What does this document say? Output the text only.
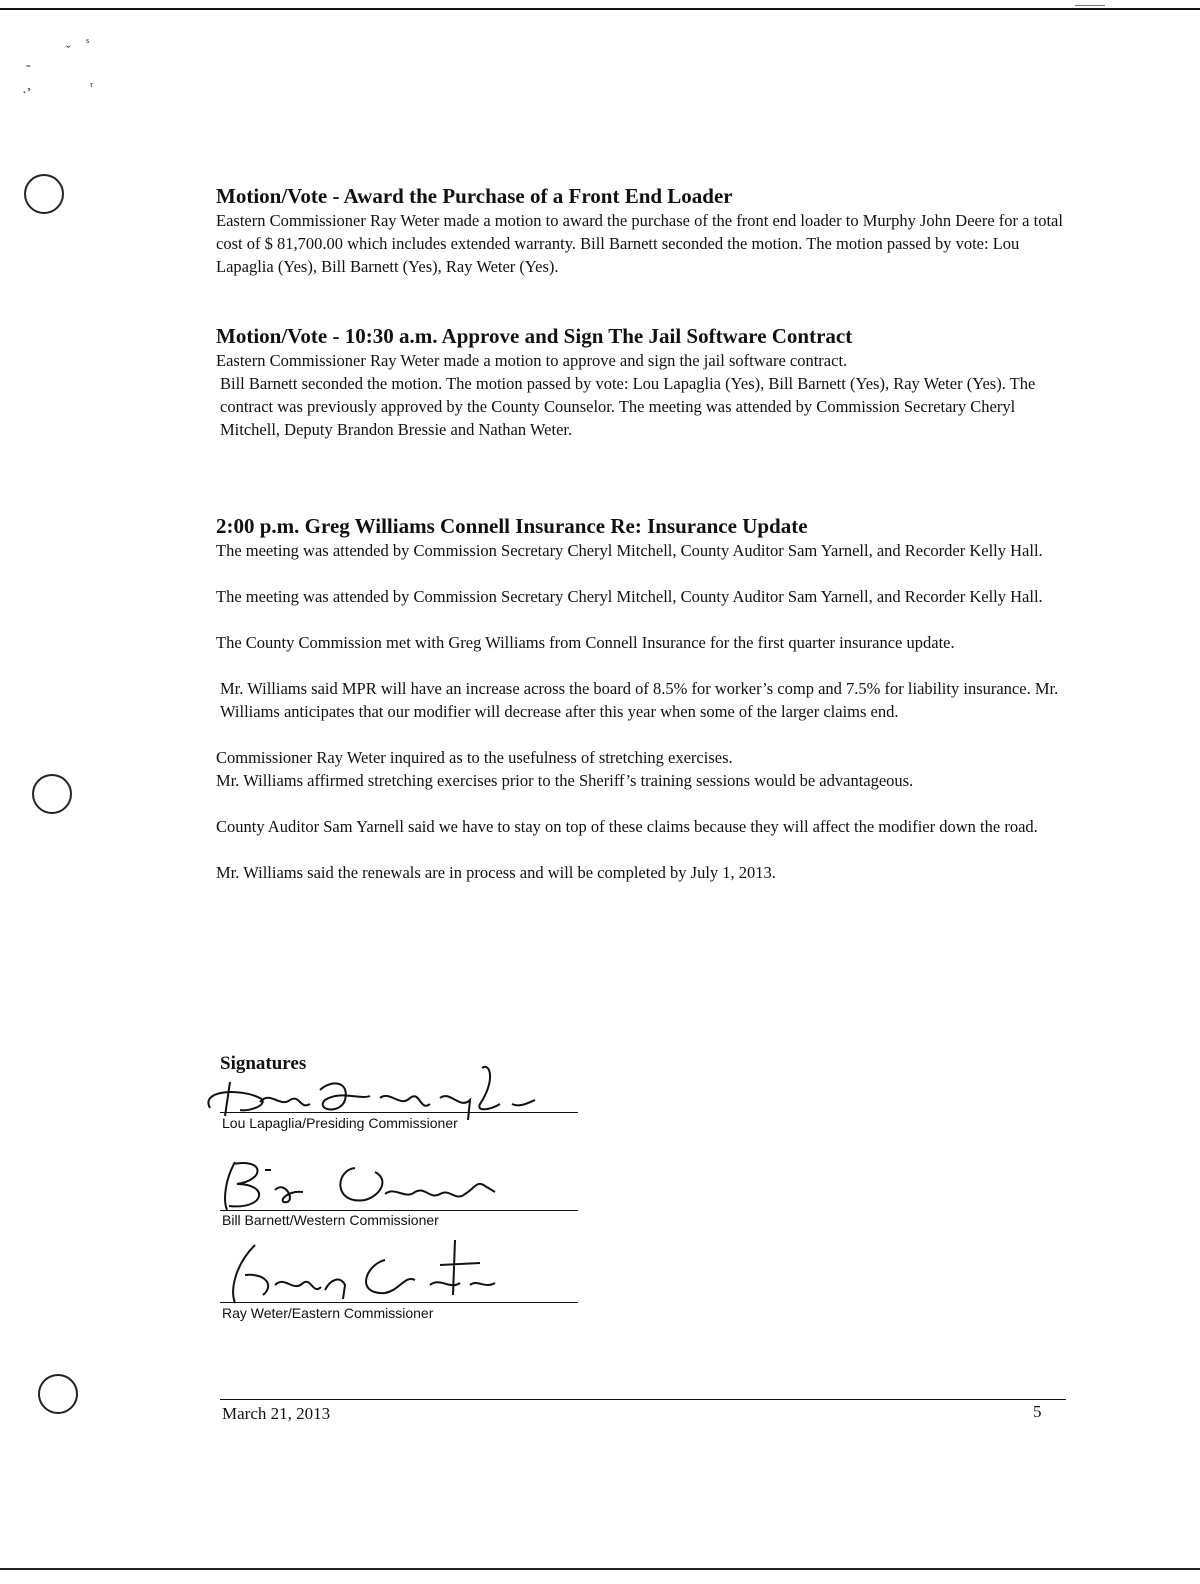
ˇ
ˢ
-
·’	ʳ
Motion/Vote - Award the Purchase of a Front End Loader

Eastern Commissioner Ray Weter made a motion to award the purchase of the front end loader to Murphy John Deere for a total cost of $ 81,700.00 which includes extended warranty. Bill Barnett seconded the motion. The motion passed by vote: Lou Lapaglia (Yes), Bill Barnett (Yes), Ray Weter (Yes).

Motion/Vote - 10:30 a.m. Approve and Sign The Jail Software Contract

Eastern Commissioner Ray Weter made a motion to approve and sign the jail software contract.

Bill Barnett seconded the motion. The motion passed by vote: Lou Lapaglia (Yes), Bill Barnett (Yes), Ray Weter (Yes). The contract was previously approved by the County Counselor. The meeting was attended by Commission Secretary Cheryl Mitchell, Deputy Brandon Bressie and Nathan Weter.

2:00 p.m. Greg Williams Connell Insurance Re: Insurance Update

The meeting was attended by Commission Secretary Cheryl Mitchell, County Auditor Sam Yarnell, and Recorder Kelly Hall.

The meeting was attended by Commission Secretary Cheryl Mitchell, County Auditor Sam Yarnell, and Recorder Kelly Hall.

The County Commission met with Greg Williams from Connell Insurance for the first quarter insurance update.

Mr. Williams said MPR will have an increase across the board of 8.5% for worker’s comp and 7.5% for liability insurance. Mr. Williams anticipates that our modifier will decrease after this year when some of the larger claims end.

Commissioner Ray Weter inquired as to the usefulness of stretching exercises.

Mr. Williams affirmed stretching exercises prior to the Sheriff’s training sessions would be advantageous.

County Auditor Sam Yarnell said we have to stay on top of these claims because they will affect the modifier down the road.

Mr. Williams said the renewals are in process and will be completed by July 1, 2013.

Signatures
Lou Lapaglia/Presiding Commissioner
Bill Barnett/Western Commissioner
Ray Weter/Eastern Commissioner
March 21, 2013	5
